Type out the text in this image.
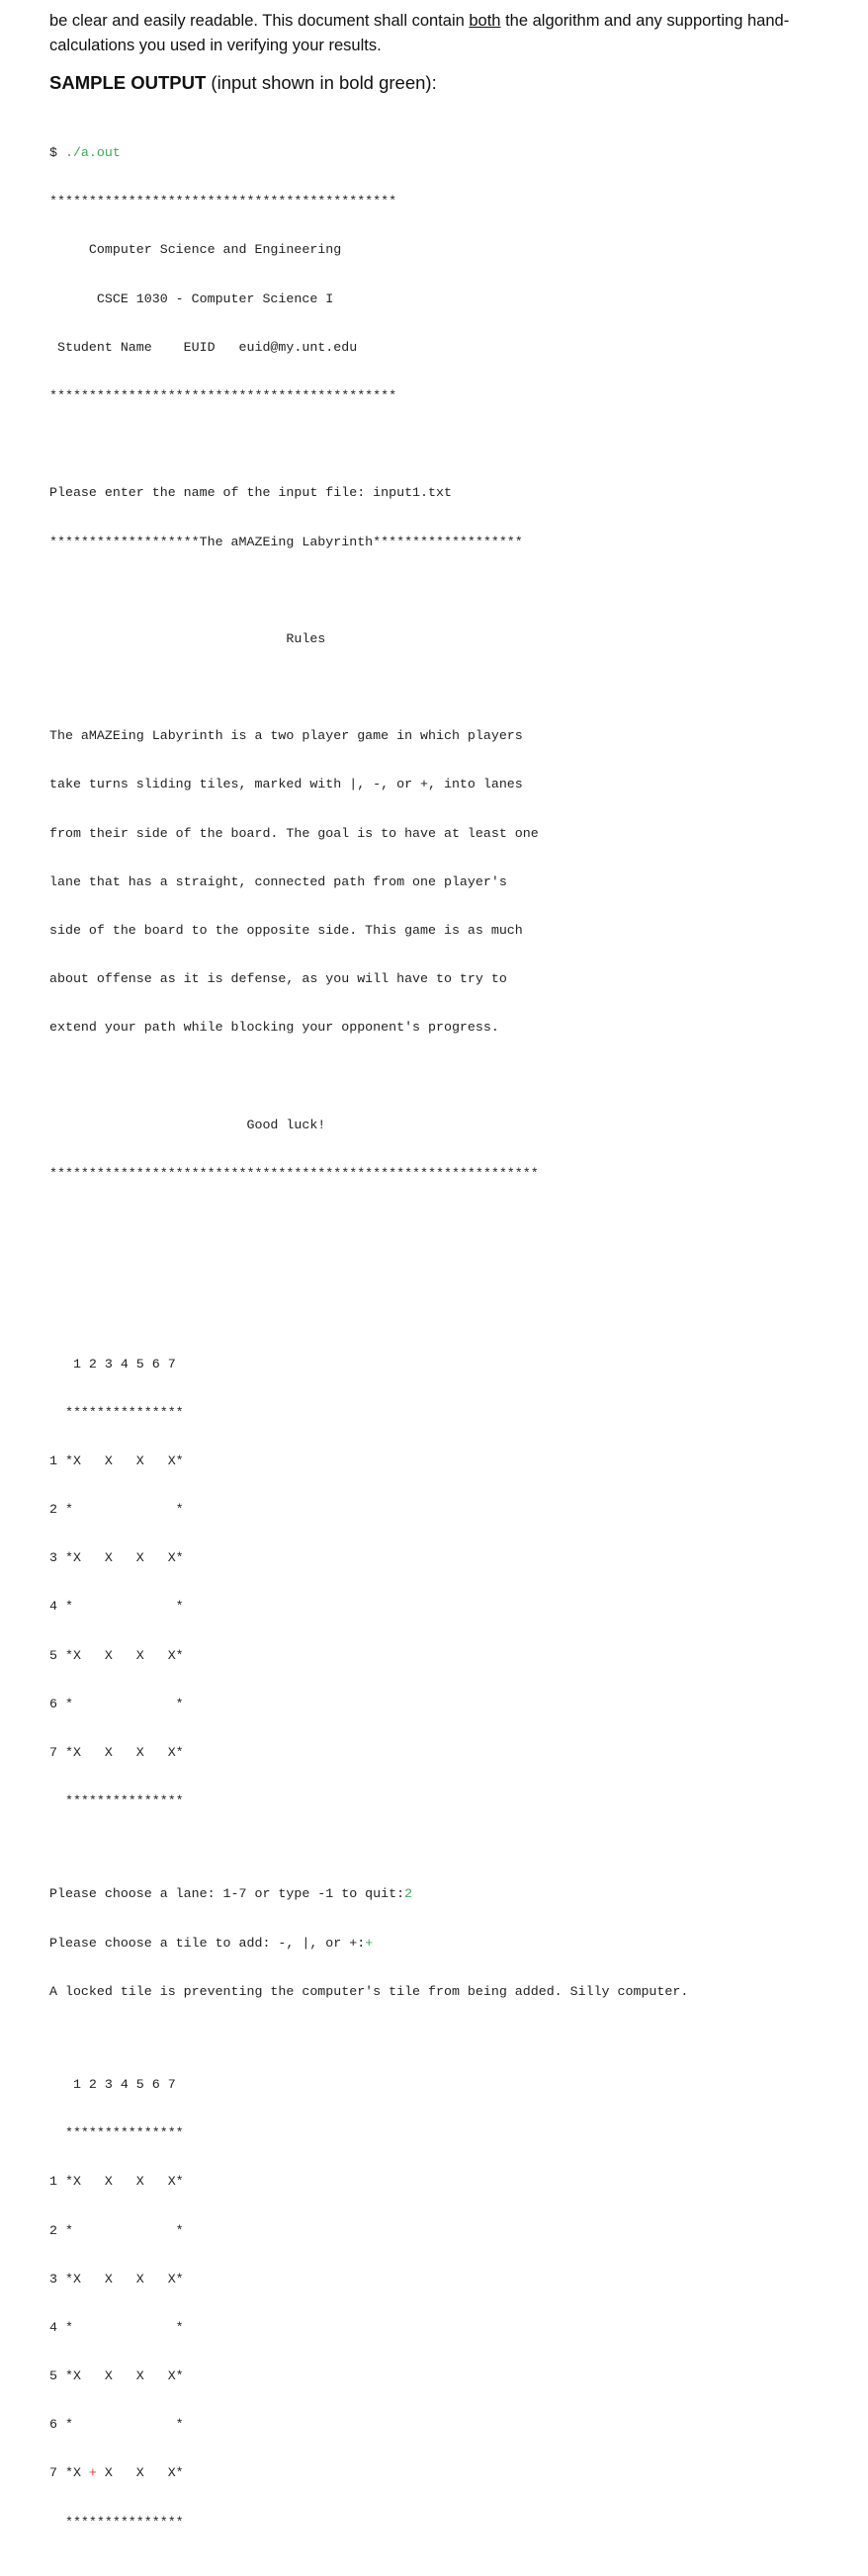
be clear and easily readable. This document shall contain both the algorithm and any supporting hand-
calculations you used in verifying your results.
SAMPLE OUTPUT (input shown in bold green):

$ ./a.out

********************************************

Computer Science and Engineering

CSCE 1030 - Computer Science I

Student Name    EUID   euid@my.unt.edu

********************************************

Please enter the name of the input file: input1.txt

*******************The aMAZEing Labyrinth*******************

Rules

The aMAZEing Labyrinth is a two player game in which players

take turns sliding tiles, marked with |, -, or +, into lanes

from their side of the board. The goal is to have at least one

lane that has a straight, connected path from one player's

side of the board to the opposite side. This game is as much

about offense as it is defense, as you will have to try to

extend your path while blocking your opponent's progress.

Good luck!

**************************************************************

1 2 3 4 5 6 7

***************

1 *X   X   X   X*

2 *             *

3 *X   X   X   X*

4 *             *

5 *X   X   X   X*

6 *             *

7 *X   X   X   X*

***************

Please choose a lane: 1-7 or type -1 to quit:2

Please choose a tile to add: -, |, or +:+

A locked tile is preventing the computer's tile from being added. Silly computer.

1 2 3 4 5 6 7

***************

1 *X   X   X   X*

2 *             *

3 *X   X   X   X*

4 *             *

5 *X   X   X   X*

6 *             *

7 *X + X   X   X*

***************
